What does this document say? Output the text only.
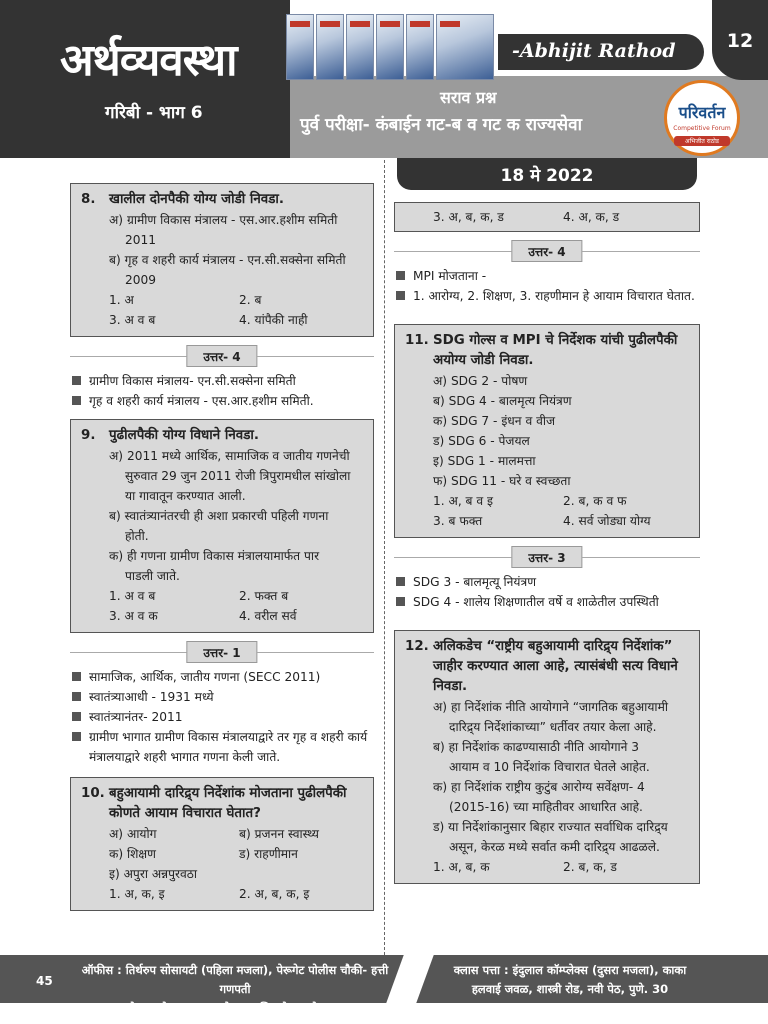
अर्थव्यवस्था
गरिबी - भाग 6
-Abhijit Rathod	12
सराव प्रश्न
पुर्व परीक्षा- कंबाईन गट-ब व गट क राज्यसेवा
परिवर्तन
Competitive Forum
अभिजीत राठोड
18 मे 2022
8.	खालील दोनपैकी योग्य जोडी निवडा.
अ) ग्रामीण विकास मंत्रालय - एस.आर.हशीम समिती
2011
ब) गृह व शहरी कार्य मंत्रालय - एन.सी.सक्सेना समिती
2009
1. अ	2. ब
3. अ व ब	4. यांपैकी नाही
उत्तर- 4
ग्रामीण विकास मंत्रालय- एन.सी.सक्सेना समिती
गृह व शहरी कार्य मंत्रालय - एस.आर.हशीम समिती.
9.	पुढीलपैकी योग्य विधाने निवडा.
अ) 2011 मध्ये आर्थिक, सामाजिक व जातीय गणनेची
सुरुवात 29 जुन 2011 रोजी त्रिपुरामधील सांखोला
या गावातून करण्यात आली.
ब) स्वातंत्र्यानंतरची ही अशा प्रकारची पहिली गणना
होती.
क) ही गणना ग्रामीण विकास मंत्रालयामार्फत पार
पाडली जाते.
1. अ व ब	2. फक्त ब
3. अ व क	4. वरील सर्व
उत्तर- 1
सामाजिक, आर्थिक, जातीय गणना (SECC 2011)
स्वातंत्र्याआधी - 1931 मध्ये
स्वातंत्र्यानंतर- 2011
ग्रामीण भागात ग्रामीण विकास मंत्रालयाद्वारे तर गृह व शहरी कार्य मंत्रालयाद्वारे शहरी भागात गणना केली जाते.
10. बहुआयामी दारिद्र्य निर्देशांक मोजताना पुढीलपैकी कोणते आयाम विचारात घेतात?
अ) आयोग	ब) प्रजनन स्वास्थ्य
क) शिक्षण	ड) राहणीमान
इ) अपुरा अन्नपुरवठा
1. अ, क, इ	2. अ, ब, क, इ
3. अ, ब, क, ड	4. अ, क, ड
उत्तर- 4
MPI मोजताना -
1. आरोग्य, 2. शिक्षण, 3. राहणीमान हे आयाम विचारात घेतात.
11. SDG गोल्स व MPI चे निर्देशक यांची पुढीलपैकी अयोग्य जोडी निवडा.
अ) SDG 2 - पोषण
ब) SDG 4 - बालमृत्य नियंत्रण
क) SDG 7 - इंधन व वीज
ड) SDG 6 - पेजयल
इ) SDG 1 - मालमत्ता
फ) SDG 11 - घरे व स्वच्छता
1. अ, ब व इ	2. ब, क व फ
3. ब फक्त	4. सर्व जोड्या योग्य
उत्तर- 3
SDG 3 - बालमृत्यू नियंत्रण
SDG 4 - शालेय शिक्षणातील वर्षे व शाळेतील उपस्थिती
12. अलिकडेच “राष्ट्रीय बहुआयामी दारिद्र्य निर्देशांक” जाहीर करण्यात आला आहे, त्यासंबंधी सत्य विधाने निवडा.
अ) हा निर्देशांक नीति आयोगाने “जागतिक बहुआयामी
दारिद्र्य निर्देशांकाच्या” धर्तीवर तयार केला आहे.
ब) हा निर्देशांक काढण्यासाठी नीति आयोगाने 3
आयाम व 10 निर्देशांक विचारात घेतले आहेत.
क) हा निर्देशांक राष्ट्रीय कुटुंब आरोग्य सर्वेक्षण- 4
(2015-16) च्या माहितीवर आधारित आहे.
ड) या निर्देशांकानुसार बिहार राज्यात सर्वाधिक दारिद्र्य
असून, केरळ मध्ये सर्वात कमी दारिद्र्य आढळले.
1. अ, ब, क	2. ब, क, ड
45
ऑफीस : तिर्थरुप सोसायटी (पहिला मजला), पेरूगेट पोलीस चौकी- हत्ती गणपती
रोड, भावे हायस्कूल समोर, सदाशिव पेठ, पुणे. 30
क्लास पत्ता : इंदुलाल कॉम्प्लेक्स (दुसरा मजला), काका
हलवाई जवळ, शास्त्री रोड, नवी पेठ, पुणे. 30
